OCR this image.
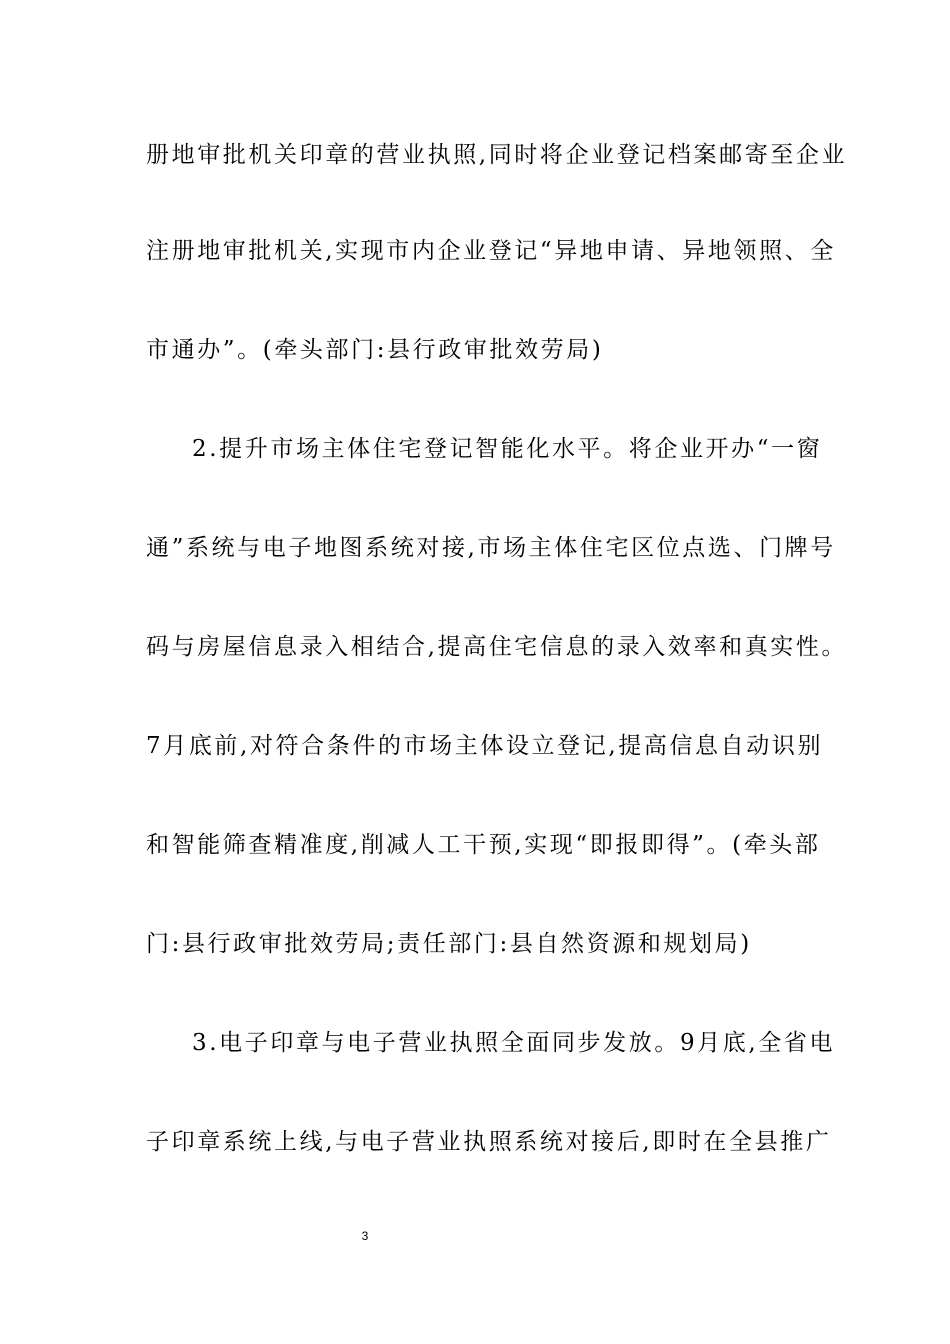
册地审批机关印章的营业执照,同时将企业登记档案邮寄至企业
注册地审批机关,实现市内企业登记“异地申请、异地领照、全
市通办”。(牵头部门:县行政审批效劳局)
2.提升市场主体住宅登记智能化水平。将企业开办“一窗
通”系统与电子地图系统对接,市场主体住宅区位点选、门牌号
码与房屋信息录入相结合,提高住宅信息的录入效率和真实性。
7月底前,对符合条件的市场主体设立登记,提高信息自动识别
和智能筛查精准度,削减人工干预,实现“即报即得”。(牵头部
门:县行政审批效劳局;责任部门:县自然资源和规划局)
3.电子印章与电子营业执照全面同步发放。9月底,全省电
子印章系统上线,与电子营业执照系统对接后,即时在全县推广
3
